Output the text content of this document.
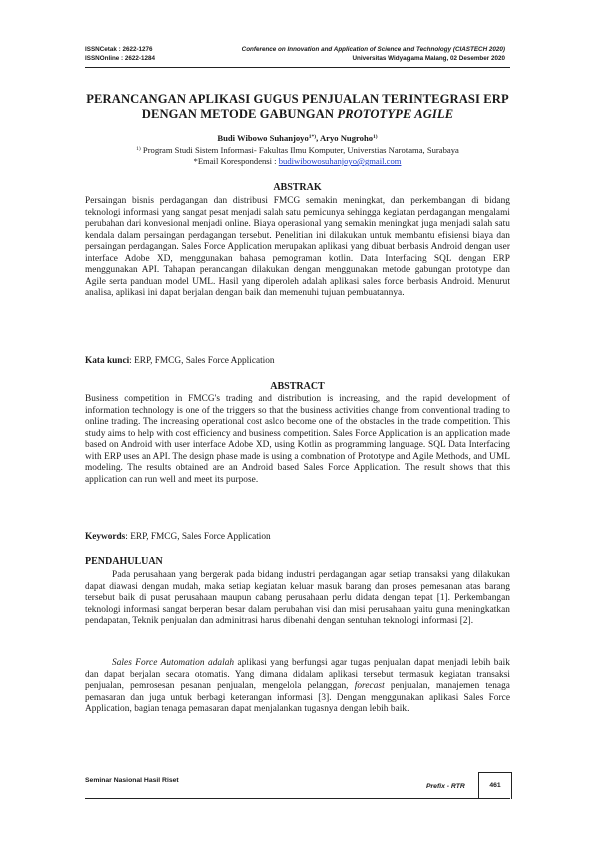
ISSNCetak : 2622-1276
ISSNOnline : 2622-1284
Conference on Innovation and Application of Science and Technology (CIASTECH 2020)
Universitas Widyagama Malang, 02 Desember 2020
PERANCANGAN APLIKASI GUGUS PENJUALAN TERINTEGRASI ERP
DENGAN METODE GABUNGAN PROTOTYPE AGILE
Budi Wibowo Suhanjoyo$^{1*)}$, Aryo Nugroho$^{1)}$
$^{1)}$ Program Studi Sistem Informasi- Fakultas Ilmu Komputer, Universtias Narotama, Surabaya
*Email Korespondensi : budiwibowosuhanjoyo@gmail.com
ABSTRAK
Persaingan bisnis perdagangan dan distribusi FMCG semakin meningkat, dan perkembangan di bidang teknologi informasi yang sangat pesat menjadi salah satu pemicunya sehingga kegiatan perdagangan mengalami perubahan dari konvesional menjadi online. Biaya operasional yang semakin meningkat juga menjadi salah satu kendala dalam persaingan perdagangan tersebut. Penelitian ini dilakukan untuk membantu efisiensi biaya dan persaingan perdagangan. Sales Force Application merupakan aplikasi yang dibuat berbasis Android dengan user interface Adobe XD, menggunakan bahasa pemograman kotlin. Data Interfacing SQL dengan ERP menggunakan API. Tahapan perancangan dilakukan dengan menggunakan metode gabungan prototype dan Agile serta panduan model UML. Hasil yang diperoleh adalah aplikasi sales force berbasis Android. Menurut analisa, aplikasi ini dapat berjalan dengan baik dan memenuhi tujuan pembuatannya.
Kata kunci: ERP, FMCG, Sales Force Application
ABSTRACT
Business competition in FMCG's trading and distribution is increasing, and the rapid development of information technology is one of the triggers so that the business activities change from conventional trading to online trading. The increasing operational cost aslco become one of the obstacles in the trade competition. This study aims to help with cost efficiency and business competition. Sales Force Application is an application made based on Android with user interface Adobe XD, using Kotlin as programming language. SQL Data Interfacing with ERP uses an API. The design phase made is using a combnation of Prototype and Agile Methods, and UML modeling. The results obtained are an Android based Sales Force Application. The result shows that this application can run well and meet its purpose.
Keywords: ERP, FMCG, Sales Force Application
PENDAHULUAN
Pada perusahaan yang bergerak pada bidang industri perdagangan agar setiap transaksi yang dilakukan dapat diawasi dengan mudah, maka setiap kegiatan keluar masuk barang dan proses pemesanan atas barang tersebut baik di pusat perusahaan maupun cabang perusahaan perlu didata dengan tepat [1]. Perkembangan teknologi informasi sangat berperan besar dalam perubahan visi dan misi perusahaan yaitu guna meningkatkan pendapatan, Teknik penjualan dan adminitrasi harus dibenahi dengan sentuhan teknologi informasi [2].
Sales Force Automation adalah aplikasi yang berfungsi agar tugas penjualan dapat menjadi lebih baik dan dapat berjalan secara otomatis. Yang dimana didalam aplikasi tersebut termasuk kegiatan transaksi penjualan, pemrosesan pesanan penjualan, mengelola pelanggan, forecast penjualan, manajemen tenaga pemasaran dan juga untuk berbagi keterangan informasi [3]. Dengan menggunakan aplikasi Sales Force Application, bagian tenaga pemasaran dapat menjalankan tugasnya dengan lebih baik.
Seminar Nasional Hasil Riset
Prefix - RTR	461
